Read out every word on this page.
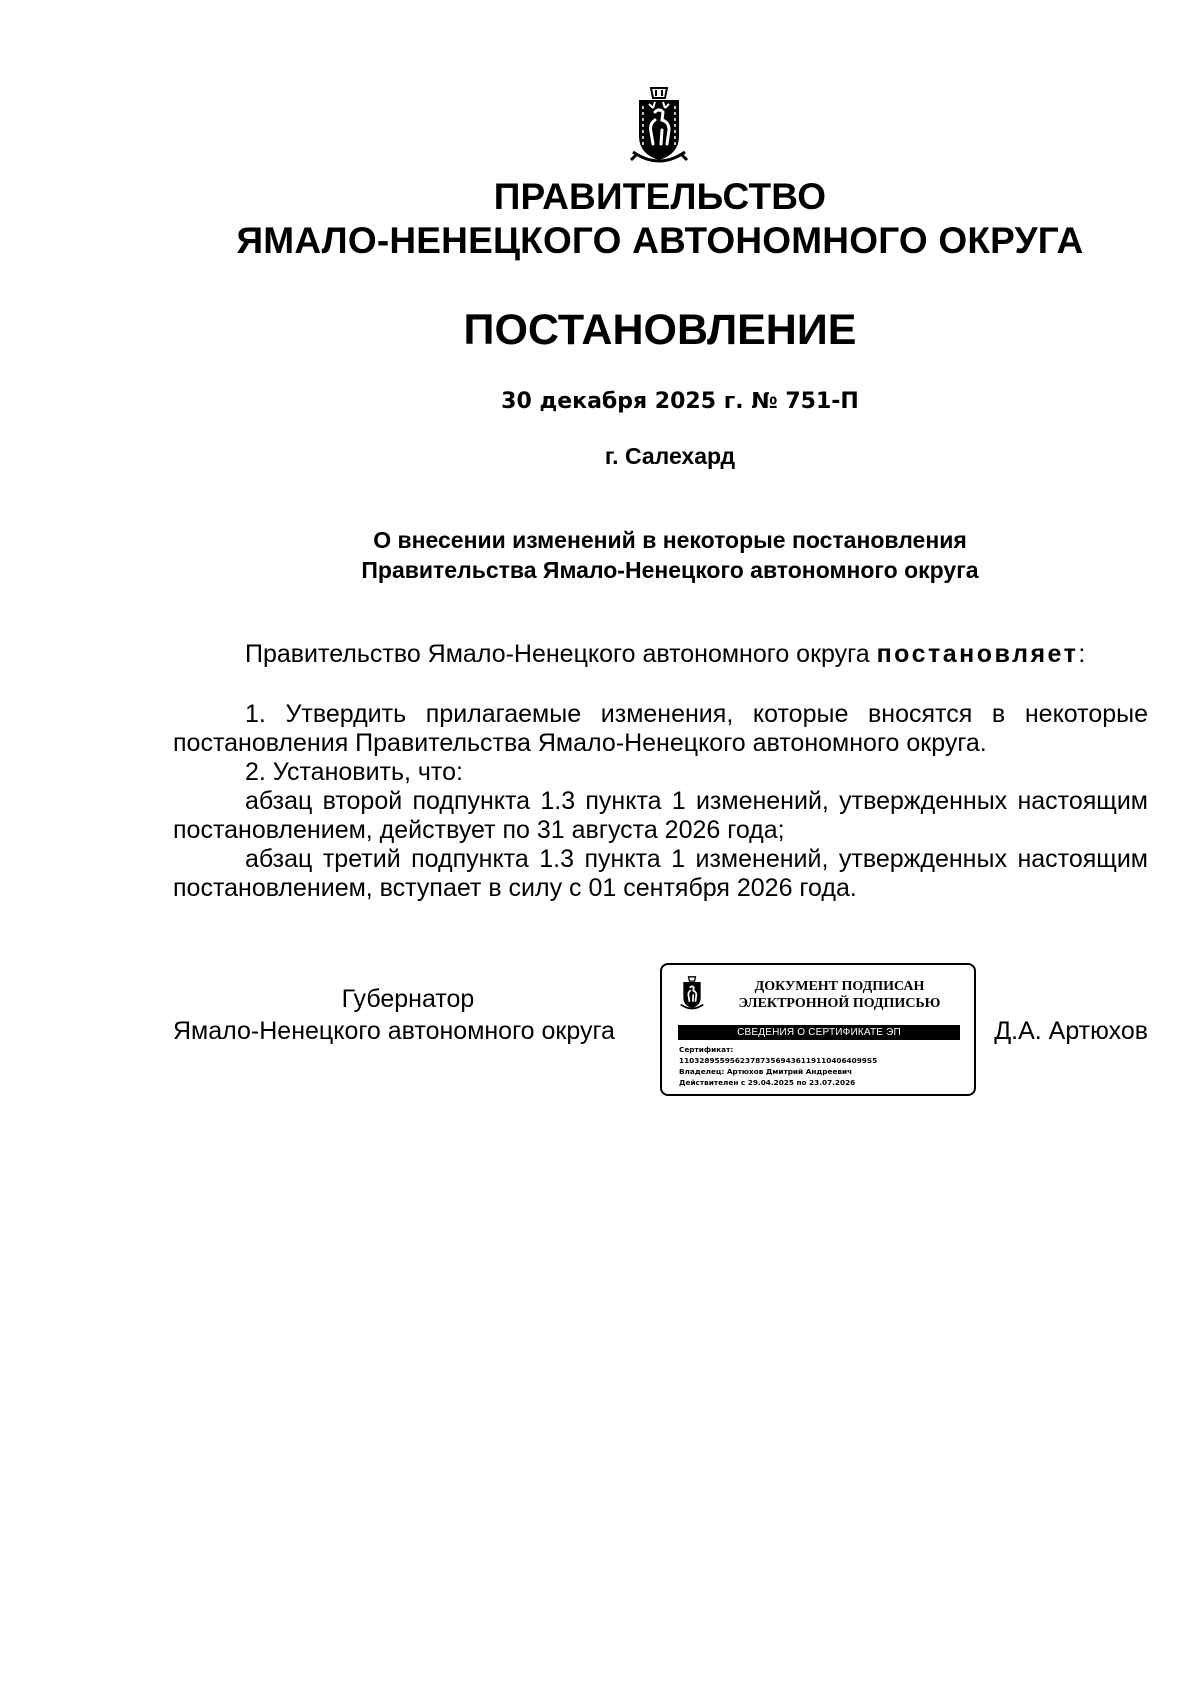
ПРАВИТЕЛЬСТВО
ЯМАЛО-НЕНЕЦКОГО АВТОНОМНОГО ОКРУГА
ПОСТАНОВЛЕНИЕ
30 декабря 2025 г. № 751-П
г. Салехард
О внесении изменений в некоторые постановления
Правительства Ямало-Ненецкого автономного округа

Правительство Ямало-Ненецкого автономного округа постановляет:

1. Утвердить прилагаемые изменения, которые вносятся в некоторые постановления Правительства Ямало-Ненецкого автономного округа.

2. Установить, что:

абзац второй подпункта 1.3 пункта 1 изменений, утвержденных настоящим постановлением, действует по 31 августа 2026 года;

абзац третий подпункта 1.3 пункта 1 изменений, утвержденных настоящим постановлением, вступает в силу с 01 сентября 2026 года.

Губернатор
Ямало-Ненецкого автономного округа
ДОКУМЕНТ ПОДПИСАН
ЭЛЕКТРОННОЙ ПОДПИСЬЮ
СВЕДЕНИЯ О СЕРТИФИКАТЕ ЭП
Сертификат:
1103289559562378735694361191104064099S5
Владелец: Артюхов Дмитрий Андреевич
Действителен с 29.04.2025 по 23.07.2026
Д.А. Артюхов
